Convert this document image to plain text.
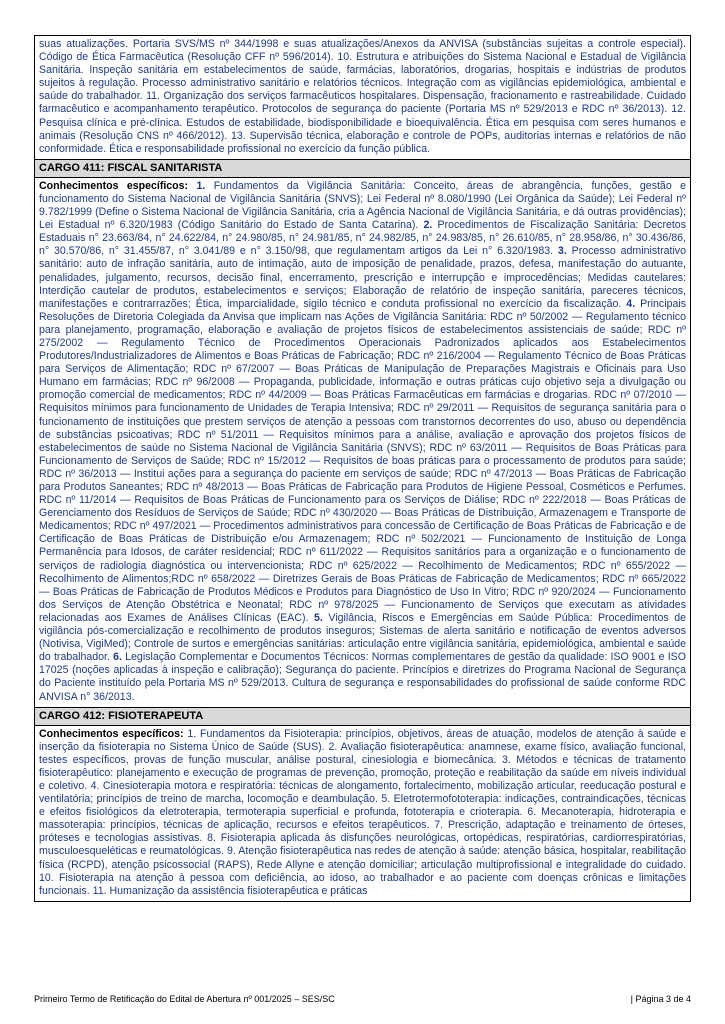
suas atualizações. Portaria SVS/MS nº 344/1998 e suas atualizações/Anexos da ANVISA (substâncias sujeitas a controle especial). Código de Ética Farmacêutica (Resolução CFF nº 596/2014). 10. Estrutura e atribuições do Sistema Nacional e Estadual de Vigilância Sanitária. Inspeção sanitária em estabelecimentos de saúde, farmácias, laboratórios, drogarias, hospitais e indústrias de produtos sujeitos à regulação. Processo administrativo sanitário e relatórios técnicos. Integração com as vigilâncias epidemiológica, ambiental e saúde do trabalhador. 11. Organização dos serviços farmacêuticos hospitalares. Dispensação, fracionamento e rastreabilidade. Cuidado farmacêutico e acompanhamento terapêutico. Protocolos de segurança do paciente (Portaria MS nº 529/2013 e RDC nº 36/2013). 12. Pesquisa clínica e pré-clínica. Estudos de estabilidade, biodisponibilidade e bioequivalência. Ética em pesquisa com seres humanos e animais (Resolução CNS nº 466/2012). 13. Supervisão técnica, elaboração e controle de POPs, auditorias internas e relatórios de não conformidade. Ética e responsabilidade profissional no exercício da função pública.
CARGO 411: FISCAL SANITARISTA
Conhecimentos específicos: 1. Fundamentos da Vigilância Sanitária: Conceito, áreas de abrangência, funções, gestão e funcionamento do Sistema Nacional de Vigilância Sanitária (SNVS); Lei Federal nº 8.080/1990 (Lei Orgânica da Saúde); Lei Federal nº 9.782/1999 (Define o Sistema Nacional de Vigilância Sanitária, cria a Agência Nacional de Vigilância Sanitária, e dá outras providências); Lei Estadual nº 6.320/1983 (Código Sanitário do Estado de Santa Catarina). 2. Procedimentos de Fiscalização Sanitária: Decretos Estaduais n° 23.663/84, n° 24.622/84, n° 24.980/85, n° 24.981/85, n° 24.982/85, n° 24.983/85, n° 26.610/85, n° 28.958/86, n° 30.436/86, n° 30.570/86, n° 31.455/87, n° 3.041/89 e n° 3.150/98, que regulamentam artigos da Lei n° 6.320/1983. 3. Processo administrativo sanitário: auto de infração sanitária, auto de intimação, auto de imposição de penalidade, prazos, defesa, manifestação do autuante, penalidades, julgamento, recursos, decisão final, encerramento, prescrição e interrupção e improcedências; Medidas cautelares: Interdição cautelar de produtos, estabelecimentos e serviços; Elaboração de relatório de inspeção sanitária, pareceres técnicos, manifestações e contrarrazões; Ética, imparcialidade, sigilo técnico e conduta profissional no exercício da fiscalização. 4. Principais Resoluções de Diretoria Colegiada da Anvisa que implicam nas Ações de Vigilância Sanitária: RDC nº 50/2002 — Regulamento técnico para planejamento, programação, elaboração e avaliação de projetos físicos de estabelecimentos assistenciais de saúde; RDC nº 275/2002 — Regulamento Técnico de Procedimentos Operacionais Padronizados aplicados aos Estabelecimentos Produtores/Industrializadores de Alimentos e Boas Práticas de Fabricação; RDC nº 216/2004 — Regulamento Técnico de Boas Práticas para Serviços de Alimentação; RDC nº 67/2007 — Boas Práticas de Manipulação de Preparações Magistrais e Oficinais para Uso Humano em farmácias; RDC nº 96/2008 — Propaganda, publicidade, informação e outras práticas cujo objetivo seja a divulgação ou promoção comercial de medicamentos; RDC nº 44/2009 — Boas Práticas Farmacêuticas em farmácias e drogarias. RDC nº 07/2010 — Requisitos mínimos para funcionamento de Unidades de Terapia Intensiva; RDC nº 29/2011 — Requisitos de segurança sanitária para o funcionamento de instituições que prestem serviços de atenção a pessoas com transtornos decorrentes do uso, abuso ou dependência de substâncias psicoativas; RDC nº 51/2011 — Requisitos mínimos para a análise, avaliação e aprovação dos projetos físicos de estabelecimentos de saúde no Sistema Nacional de Vigilância Sanitária (SNVS); RDC nº 63/2011 — Requisitos de Boas Práticas para Funcionamento de Serviços de Saúde; RDC nº 15/2012 — Requisitos de boas práticas para o processamento de produtos para saúde; RDC nº 36/2013 — Institui ações para a segurança do paciente em serviços de saúde; RDC nº 47/2013 — Boas Práticas de Fabricação para Produtos Saneantes; RDC nº 48/2013 — Boas Práticas de Fabricação para Produtos de Higiene Pessoal, Cosméticos e Perfumes. RDC nº 11/2014 — Requisitos de Boas Práticas de Funcionamento para os Serviços de Diálise; RDC nº 222/2018 — Boas Práticas de Gerenciamento dos Resíduos de Serviços de Saúde; RDC nº 430/2020 — Boas Práticas de Distribuição, Armazenagem e Transporte de Medicamentos; RDC nº 497/2021 — Procedimentos administrativos para concessão de Certificação de Boas Práticas de Fabricação e de Certificação de Boas Práticas de Distribuição e/ou Armazenagem; RDC nº 502/2021 — Funcionamento de Instituição de Longa Permanência para Idosos, de caráter residencial; RDC nº 611/2022 — Requisitos sanitários para a organização e o funcionamento de serviços de radiologia diagnóstica ou intervencionista; RDC nº 625/2022 — Recolhimento de Medicamentos; RDC nº 655/2022 — Recolhimento de Alimentos;RDC nº 658/2022 — Diretrizes Gerais de Boas Práticas de Fabricação de Medicamentos; RDC nº 665/2022 — Boas Práticas de Fabricação de Produtos Médicos e Produtos para Diagnóstico de Uso In Vitro; RDC nº 920/2024 — Funcionamento dos Serviços de Atenção Obstétrica e Neonatal; RDC nº 978/2025 — Funcionamento de Serviços que executam as atividades relacionadas aos Exames de Análises Clínicas (EAC). 5. Vigilância, Riscos e Emergências em Saúde Pública: Procedimentos de vigilância pós-comercialização e recolhimento de produtos inseguros; Sistemas de alerta sanitário e notificação de eventos adversos (Notivisa, VigiMed); Controle de surtos e emergências sanitárias: articulação entre vigilância sanitária, epidemiológica, ambiental e saúde do trabalhador. 6. Legislação Complementar e Documentos Técnicos: Normas complementares de gestão da qualidade: ISO 9001 e ISO 17025 (noções aplicadas à inspeção e calibração); Segurança do paciente. Princípios e diretrizes do Programa Nacional de Segurança do Paciente instituído pela Portaria MS nº 529/2013. Cultura de segurança e responsabilidades do profissional de saúde conforme RDC ANVISA n° 36/2013.
CARGO 412: FISIOTERAPEUTA
Conhecimentos específicos: 1. Fundamentos da Fisioterapia: princípios, objetivos, áreas de atuação, modelos de atenção à saúde e inserção da fisioterapia no Sistema Único de Saúde (SUS). 2. Avaliação fisioterapêutica: anamnese, exame físico, avaliação funcional, testes específicos, provas de função muscular, análise postural, cinesiologia e biomecânica. 3. Métodos e técnicas de tratamento fisioterapêutico: planejamento e execução de programas de prevenção, promoção, proteção e reabilitação da saúde em níveis individual e coletivo. 4. Cinesioterapia motora e respiratória: técnicas de alongamento, fortalecimento, mobilização articular, reeducação postural e ventilatória; princípios de treino de marcha, locomoção e deambulação. 5. Eletrotermofototerapia: indicações, contraindicações, técnicas e efeitos fisiológicos da eletroterapia, termoterapia superficial e profunda, fototerapia e crioterapia. 6. Mecanoterapia, hidroterapia e massoterapia: princípios, técnicas de aplicação, recursos e efeitos terapêuticos. 7. Prescrição, adaptação e treinamento de órteses, próteses e tecnologias assistivas. 8. Fisioterapia aplicada às disfunções neurológicas, ortopédicas, respiratórias, cardiorrespiratórias, musculoesqueléticas e reumatológicas. 9. Atenção fisioterapêutica nas redes de atenção à saúde: atenção básica, hospitalar, reabilitação física (RCPD), atenção psicossocial (RAPS), Rede Allyne e atenção domiciliar; articulação multiprofissional e integralidade do cuidado. 10. Fisioterapia na atenção à pessoa com deficiência, ao idoso, ao trabalhador e ao paciente com doenças crônicas e limitações funcionais. 11. Humanização da assistência fisioterapêutica e práticas
Primeiro Termo de Retificação do Edital de Abertura nº 001/2025 – SES/SC	| Página 3 de 4
